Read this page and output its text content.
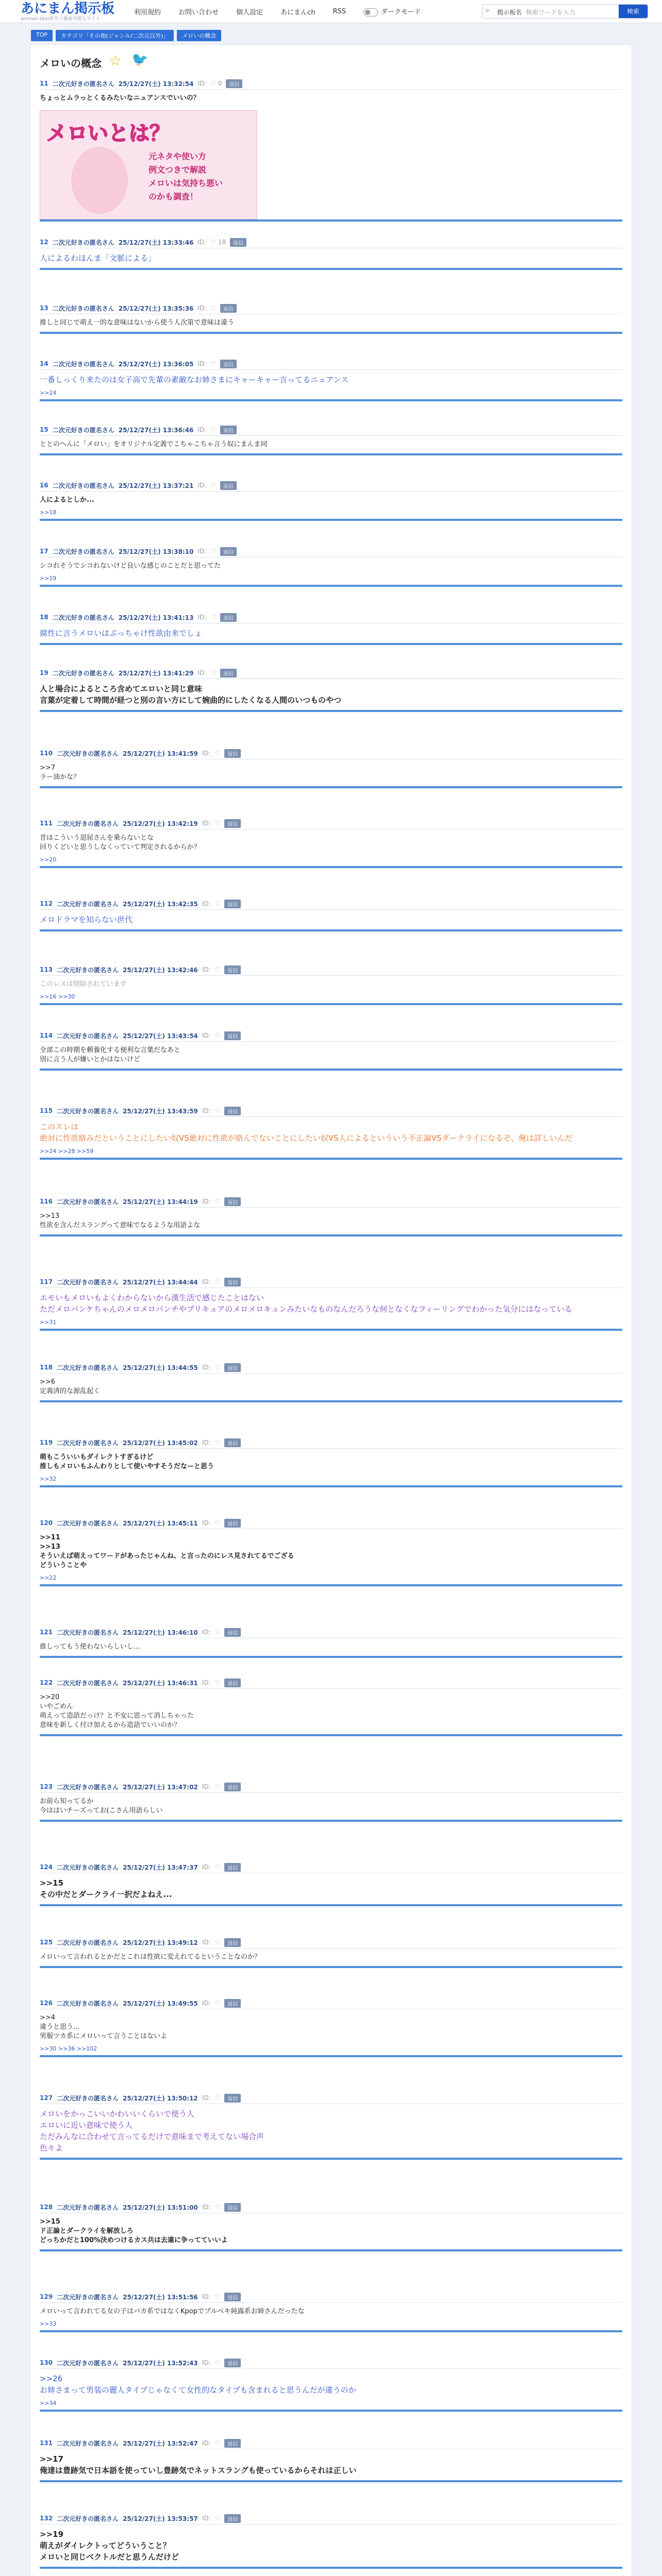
あにまん掲示板
animan bbs/匿名で雑談可能なサイト
利用規約	お問い合わせ	個人設定	あにまんch	RSS	ダークモード	⌕ 掲示板名 検索ワードを入力	検索
TOP	カテゴリ「その他(ジャンル/二次元以外)」	メロいの概念
メロいの概念 ☆ 🐦
11 二次元好きの匿名さん 25/12/27(土) 13:32:54 ID: ♡ 0	返信
ちょっとムラっとくるみたいなニュアンスでいいの？
メロいとは？
元ネタや使い方
例文つきで解説
メロいは気持ち悪い
のかも調査！
12 二次元好きの匿名さん 25/12/27(土) 13:33:46 ID: ♡ 18	返信
人によるわほんま「文脈による」
13 二次元好きの匿名さん 25/12/27(土) 13:35:36 ID: ♡	返信
推しと同じで萌え一的な意味はないから使う人次第で意味は違う
14 二次元好きの匿名さん 25/12/27(土) 13:36:05 ID: ♡	返信
一番しっくり来たのは女子高で先輩の素敵なお姉さまにキャーキャー言ってるニュアンス
>>24
15 二次元好きの匿名さん 25/12/27(土) 13:36:46 ID: ♡	返信
ととのへんに「メロい」をオリジナル定義でこちゃこちゃ言う奴にまんま同
16 二次元好きの匿名さん 25/12/27(土) 13:37:21 ID: ♡	返信
人によるとしか...
>>18
17 二次元好きの匿名さん 25/12/27(土) 13:38:10 ID: ♡	返信
シコれそうでシコれないけど良いな感じのことだと思ってた
>>19
18 二次元好きの匿名さん 25/12/27(土) 13:41:13 ID: ♡	返信
腐性に言うメロいはぶっちゃけ性欲由来でしょ
19 二次元好きの匿名さん 25/12/27(土) 13:41:29 ID: ♡	返信
人と場合によるところ含めてエロいと同じ意味
言葉が定着して時間が経つと別の言い方にして婉曲的にしたくなる人間のいつものやつ
110 二次元好きの匿名さん 25/12/27(土) 13:41:59 ID: ♡	返信
>>7
ラー油かな？
111 二次元好きの匿名さん 25/12/27(土) 13:42:19 ID: ♡	返信
昔はこういう退屈さんを乗らないとな
回りくどいと思うしなくっていて判定されるからか？
>>20
112 二次元好きの匿名さん 25/12/27(土) 13:42:35 ID: ♡	返信
メロドラマを知らない世代
113 二次元好きの匿名さん 25/12/27(土) 13:42:46 ID: ♡	返信
このレスは削除されています
>>16 >>30
114 二次元好きの匿名さん 25/12/27(土) 13:43:54 ID: ♡	返信
全部この時期を頼養化する便利な言葉だなあと
別に言う人が嫌いとかはないけど
115 二次元好きの匿名さん 25/12/27(土) 13:43:59 ID: ♡	返信
このスレは
絶対に性欲絡みだということにしたい奴VS絶対に性欲が絡んでないことにしたい奴VS人によるといういう不正論VSダークライになるぞ、俺は詳しいんだ
>>24 >>28 >>59
116 二次元好きの匿名さん 25/12/27(土) 13:44:19 ID: ♡	返信
>>13
性欲を含んだスラングって意味でなるような用語よな
117 二次元好きの匿名さん 25/12/27(土) 13:44:44 ID: ♡	返信
エモいもメロいもよくわからないから漢生活で感じたことはない
ただメロパンケちゃんのメロメロパンチやプリキュアのメロメロキュンみたいなものなんだろうな何となくなフィーリングでわかった気分にはなっている
>>31
118 二次元好きの匿名さん 25/12/27(土) 13:44:55 ID: ♡	返信
>>6
定義済的な源乱起く
119 二次元好きの匿名さん 25/12/27(土) 13:45:02 ID: ♡	返信
萌もこういいもダイレクトすぎるけど
推しもメロいもふんわりとして使いやすそうだなーと思う
>>32
120 二次元好きの匿名さん 25/12/27(土) 13:45:11 ID: ♡	返信
>>11
>>13
そういえば萌えってワードがあったじゃんね、と言ったのにレス見されてるでござる
どういうことや
>>22
121 二次元好きの匿名さん 25/12/27(土) 13:46:10 ID: ♡	返信
推しってもう使わないらしいし...
122 二次元好きの匿名さん 25/12/27(土) 13:46:31 ID: ♡	返信
>>20
いやごめん
萌えって造語だっけ？と不安に思って消しちゃった
意味を新しく付け加えるから造語でいいのか？
123 二次元好きの匿名さん 25/12/27(土) 13:47:02 ID: ♡	返信
お前ら知ってるか
今ははいチーズってお(こさん用語らしい
124 二次元好きの匿名さん 25/12/27(土) 13:47:37 ID: ♡	返信
>>15
その中だとダークライ一択だよねえ...
125 二次元好きの匿名さん 25/12/27(土) 13:49:12 ID: ♡	返信
メロいって言われるとかだとこれは性欲に変えれてるということなのか？
126 二次元好きの匿名さん 25/12/27(土) 13:49:55 ID: ♡	返信
>>4
違うと思う...
男服ツカ系にメロいって言うことはないよ
>>30 >>36 >>102
127 二次元好きの匿名さん 25/12/27(土) 13:50:12 ID: ♡	返信
メロいをかっこいいかわいいくらいで使う人
エロいに近い意味で使う人
ただみんなに合わせて言ってるだけで意味まで考えてない場合声
色々よ
128 二次元好きの匿名さん 25/12/27(土) 13:51:00 ID: ♡	返信
>>15
ド正論とダークライを解放しろ
どっちかだと100%決めつけるカス共は去違に争ってていいよ
129 二次元好きの匿名さん 25/12/27(土) 13:51:56 ID: ♡	返信
メロいって言われてる女の子はパカ系ではなくKpopでプルペキ純露系お姉さんだったな
>>33
130 二次元好きの匿名さん 25/12/27(土) 13:52:43 ID: ♡	返信
>>26
お姉さまって男装の麗人タイプじゃなくて女性的なタイプも含まれると思うんだが違うのか
>>34
131 二次元好きの匿名さん 25/12/27(土) 13:52:47 ID: ♡	返信
>>17
俺達は豊跡気で日本語を使っていし豊跡気でネットスラングも使っているからそれは正しい
132 二次元好きの匿名さん 25/12/27(土) 13:53:57 ID: ♡	返信
>>19
萌えがダイレクトってどういうこと？
メロいと同じベクトルだと思うんだけど
